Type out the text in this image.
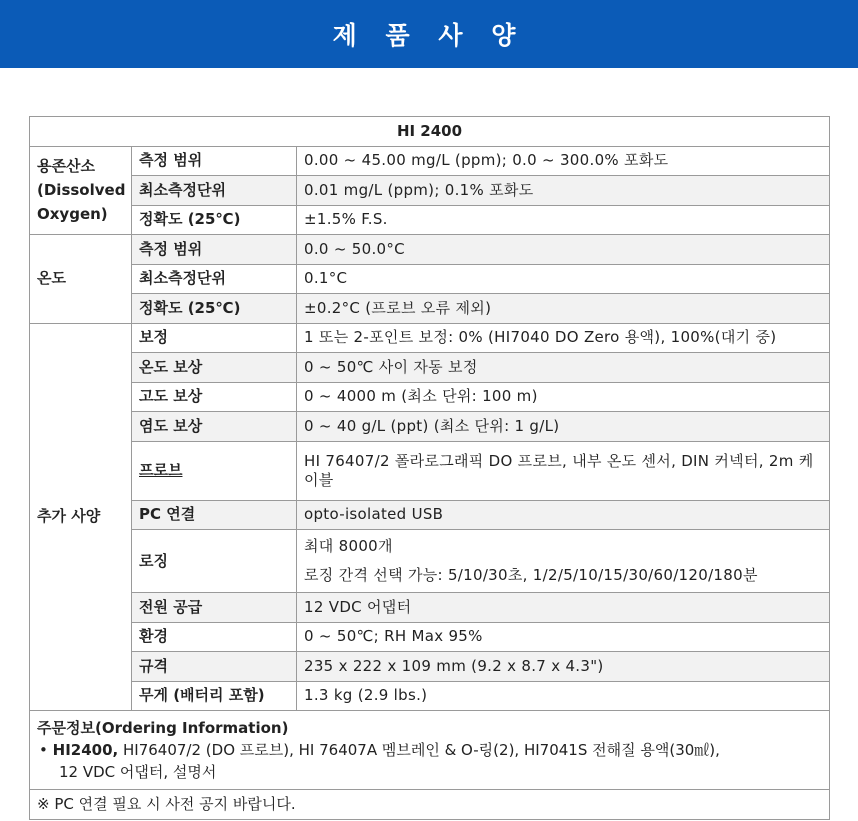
제 품 사 양
HI 2400		
용존산소
(Dissolved
Oxygen)	측정 범위	0.00 ~ 45.00 mg/L (ppm); 0.0 ~ 300.0% 포화도
	최소측정단위	0.01 mg/L (ppm); 0.1% 포화도
	정확도 (25℃)	±1.5% F.S.
온도	측정 범위	0.0 ~ 50.0°C
	최소측정단위	0.1°C
	정확도 (25℃)	±0.2°C (프로브 오류 제외)
추가 사양	보정	1 또는 2-포인트 보정: 0% (HI7040 DO Zero 용액), 100%(대기 중)
	온도 보상	0 ~ 50℃ 사이 자동 보정
	고도 보상	0 ~ 4000 m (최소 단위: 100 m)
	염도 보상	0 ~ 40 g/L (ppt) (최소 단위: 1 g/L)
	프로브	HI 76407/2 폴라로그래픽 DO 프로브, 내부 온도 센서, DIN 커넥터, 2m 케이블
	PC 연결	opto-isolated USB
	로징	최대 8000개
로징 간격 선택 가능: 5/10/30초, 1/2/5/10/15/30/60/120/180분

	전원 공급	12 VDC 어댑터
	환경	0 ~ 50℃; RH Max 95%
	규격	235 x 222 x 109 mm (9.2 x 8.7 x 4.3")
	무게 (배터리 포함)	1.3 kg (2.9 lbs.)

주문정보(Ordering Information)
• HI2400, HI76407/2 (DO 프로브), HI 76407A 멤브레인 & O-링(2), HI7041S 전해질 용액(30㎖),
12 VDC 어댑터, 설명서		

※ PC 연결 필요 시 사전 공지 바랍니다.		
